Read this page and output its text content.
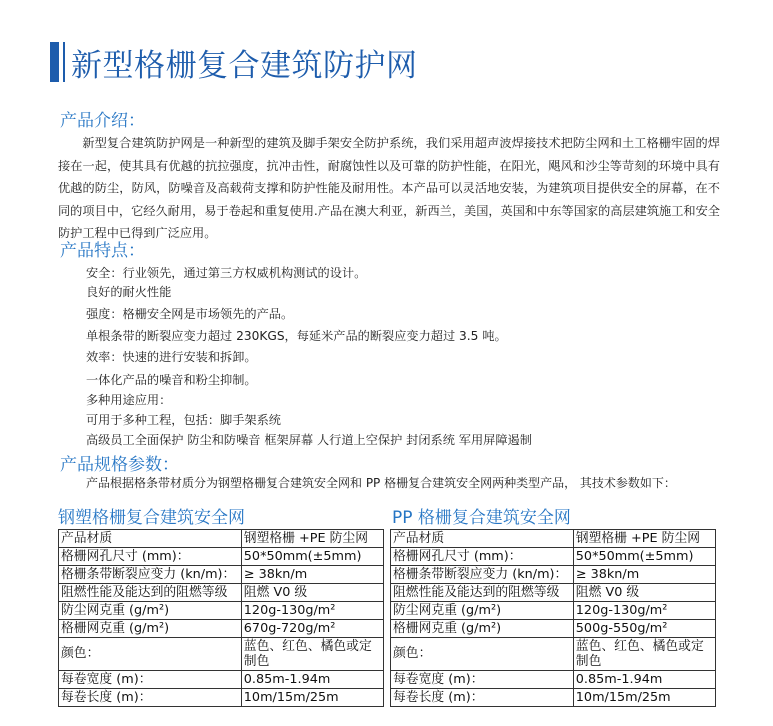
新型格栅复合建筑防护网
产品介绍：
新型复合建筑防护网是一种新型的建筑及脚手架安全防护系统，我们采用超声波焊接技术把防尘网和土工格栅牢固的焊接在一起，使其具有优越的抗拉强度，抗冲击性，耐腐蚀性以及可靠的防护性能，在阳光，飓风和沙尘等苛刻的环境中具有优越的防尘，防风，防噪音及高载荷支撑和防护性能及耐用性。本产品可以灵活地安装，为建筑项目提供安全的屏幕，在不同的项目中，它经久耐用，易于卷起和重复使用.产品在澳大利亚，新西兰，美国，英国和中东等国家的高层建筑施工和安全防护工程中已得到广泛应用。
产品特点：
安全：行业领先，通过第三方权威机构测试的设计。
良好的耐火性能
强度：格栅安全网是市场领先的产品。
单根条带的断裂应变力超过 230KGS，每延米产品的断裂应变力超过 3.5 吨。
效率：快速的进行安装和拆卸。
一体化产品的噪音和粉尘抑制。
多种用途应用：
可用于多种工程，包括：脚手架系统
高级员工全面保护 防尘和防噪音 框架屏幕 人行道上空保护 封闭系统 军用屏障遏制
产品规格参数：
产品根据格条带材质分为钢塑格栅复合建筑安全网和 PP 格栅复合建筑安全网两种类型产品， 其技术参数如下：
钢塑格栅复合建筑安全网	PP 格栅复合建筑安全网
产品材质	钢塑格栅 +PE 防尘网
格栅网孔尺寸 (mm)：	50*50mm(±5mm)
格栅条带断裂应变力 (kn/m)：	≥ 38kn/m
阻燃性能及能达到的阻燃等级	阻燃 V0 级
防尘网克重 (g/m²)	120g-130g/m²
格栅网克重 (g/m²)	670g-720g/m²
颜色：	蓝色、红色、橘色或定制色
每卷宽度 (m)：	0.85m-1.94m
每卷长度 (m)：	10m/15m/25m
产品材质	钢塑格栅 +PE 防尘网
格栅网孔尺寸 (mm)：	50*50mm(±5mm)
格栅条带断裂应变力 (kn/m)：	≥ 38kn/m
阻燃性能及能达到的阻燃等级	阻燃 V0 级
防尘网克重 (g/m²)	120g-130g/m²
格栅网克重 (g/m²)	500g-550g/m²
颜色：	蓝色、红色、橘色或定制色
每卷宽度 (m)：	0.85m-1.94m
每卷长度 (m)：	10m/15m/25m
